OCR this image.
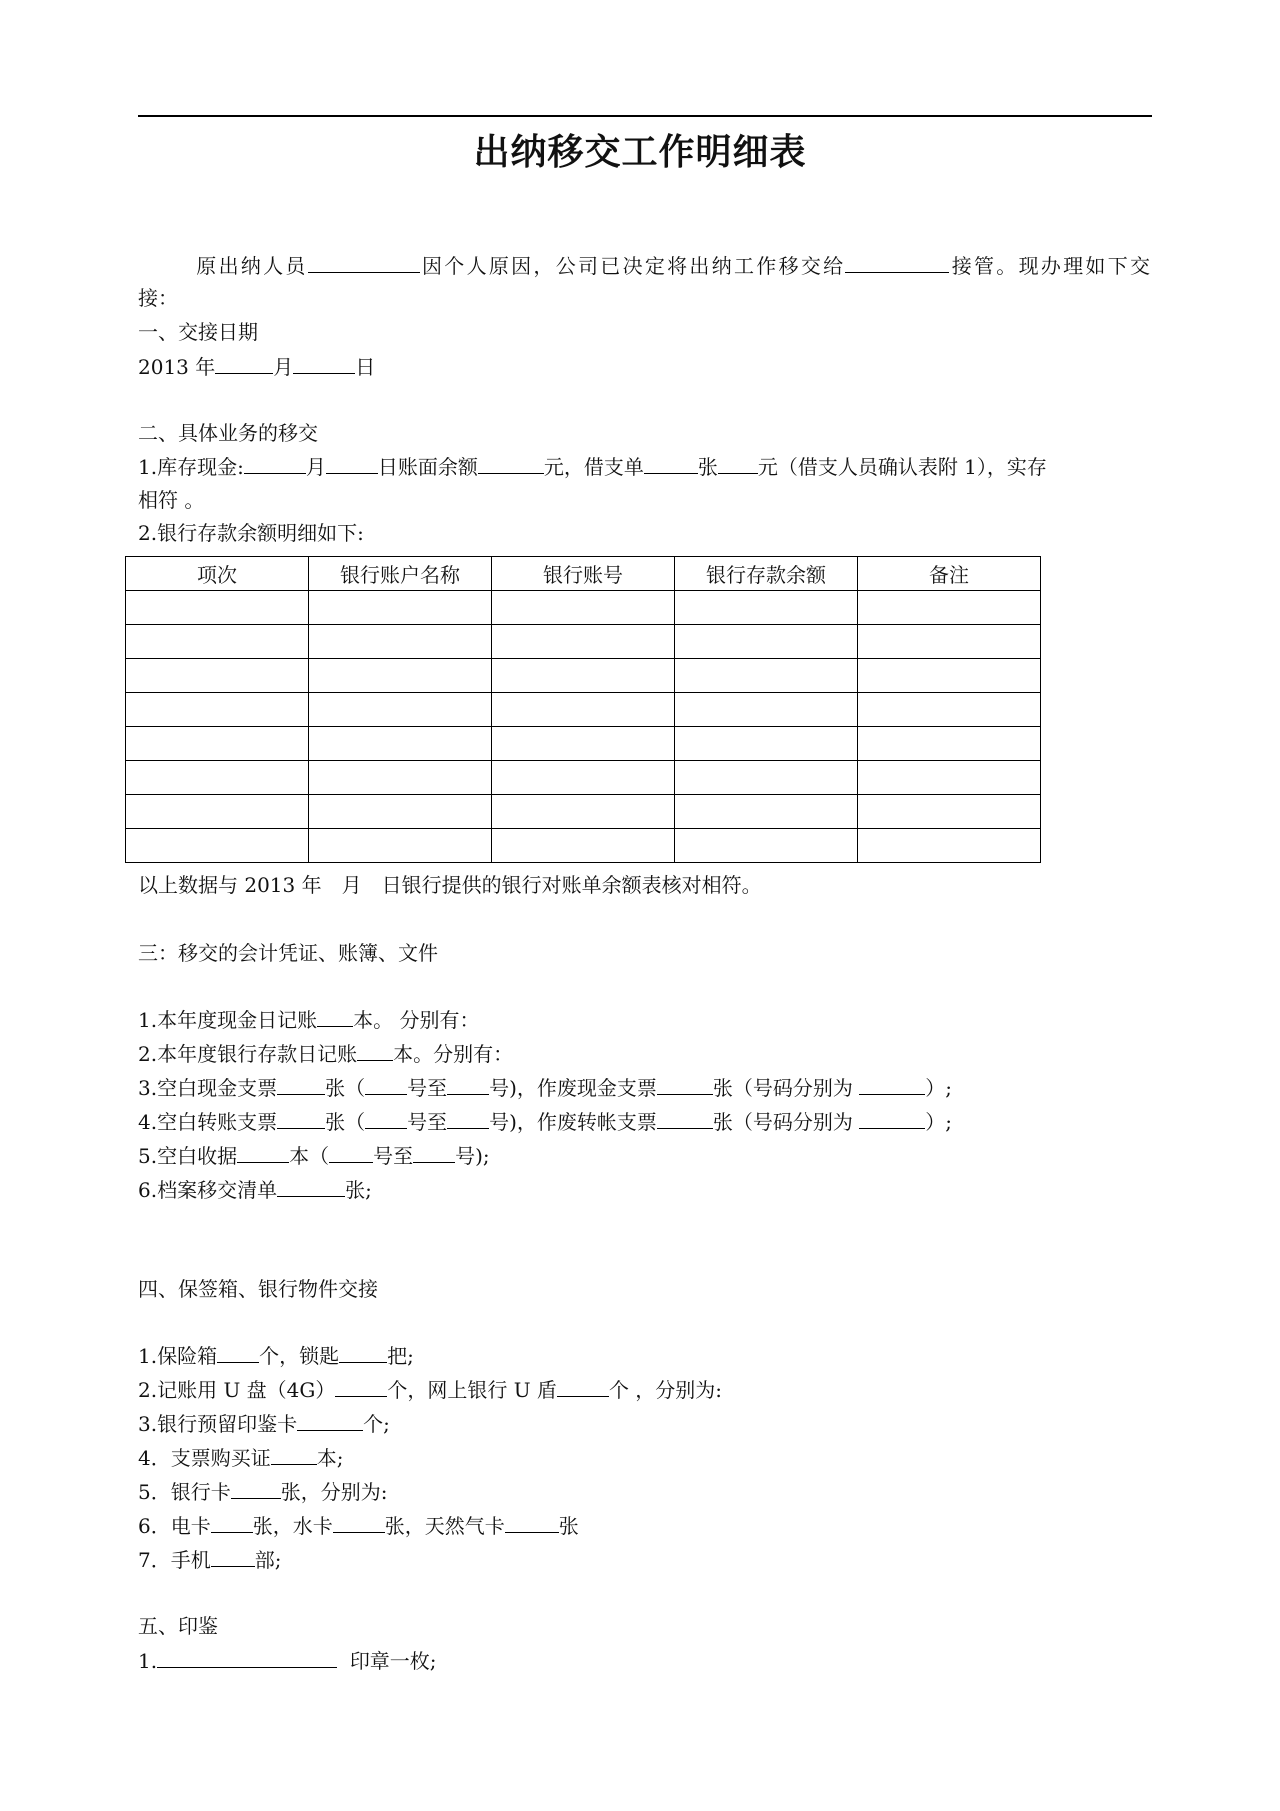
出纳移交工作明细表
原出纳人员	因个人原因，公司已决定将出纳工作移交给	接管。现办理如下交
接：
一、交接日期
2013 年	月	日
二、具体业务的移交
1.库存现金:	月	日账面余额	元，借支单	张 元（借支人员确认表附 1），实存
相符 。
2.银行存款余额明细如下:
项次	银行账户名称	银行账号	银行存款余额	备注

以上数据与 2013 年　月　日银行提供的银行对账单余额表核对相符。
三：移交的会计凭证、账簿、文件
1.本年度现金日记账 本。 分别有：
2.本年度银行存款日记账 本。分别有：
3.空白现金支票 张（ 号至 号)，作废现金支票	张（号码分别为	）;
4.空白转账支票 张（ 号至 号)，作废转帐支票	张（号码分别为	）;
5.空白收据	本（ 号至 号);
6.档案移交清单	张;
四、保签箱、银行物件交接
1.保险箱 个，锁匙 把;
2.记账用 U 盘（4G）	个，网上银行 U 盾	个 ，分别为:
3.银行预留印鉴卡	个;
4．支票购买证 本;
5．银行卡	张，分别为:
6．电卡 张，水卡	张，天然气卡	张
7．手机 部;
五、印鉴
1.	印章一枚;
